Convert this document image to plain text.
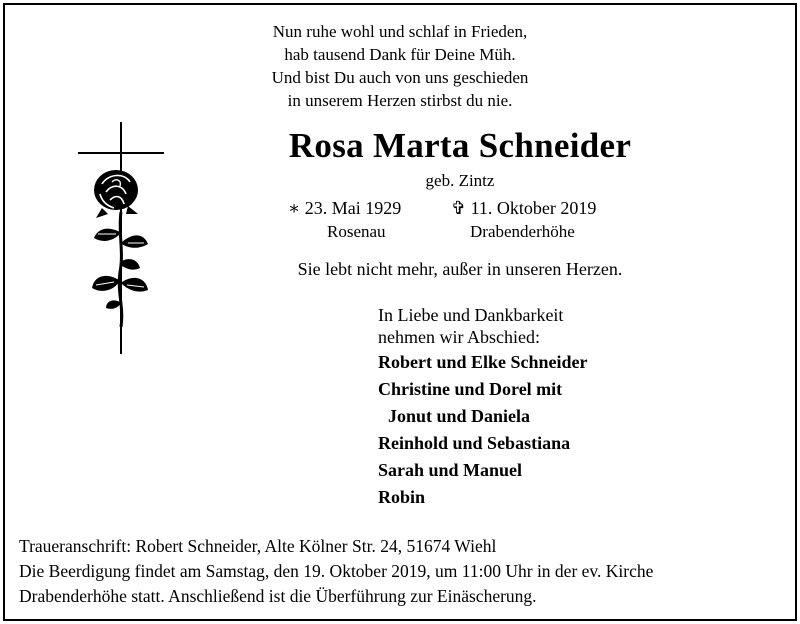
Nun ruhe wohl und schlaf in Frieden,
hab tausend Dank für Deine Müh.
Und bist Du auch von uns geschieden
in unserem Herzen stirbst du nie.
Rosa Marta Schneider
geb. Zintz
∗ 23. Mai 1929	✞ 11. Oktober 2019
Rosenau	Drabenderhöhe
Sie lebt nicht mehr, außer in unseren Herzen.
In Liebe und Dankbarkeit
nehmen wir Abschied:
Robert und Elke Schneider
Christine und Dorel mit
Jonut und Daniela
Reinhold und Sebastiana
Sarah und Manuel
Robin
Traueranschrift: Robert Schneider, Alte Kölner Str. 24, 51674 Wiehl
Die Beerdigung findet am Samstag, den 19. Oktober 2019, um 11:00 Uhr in der ev. Kirche
Drabenderhöhe statt. Anschließend ist die Überführung zur Einäscherung.
